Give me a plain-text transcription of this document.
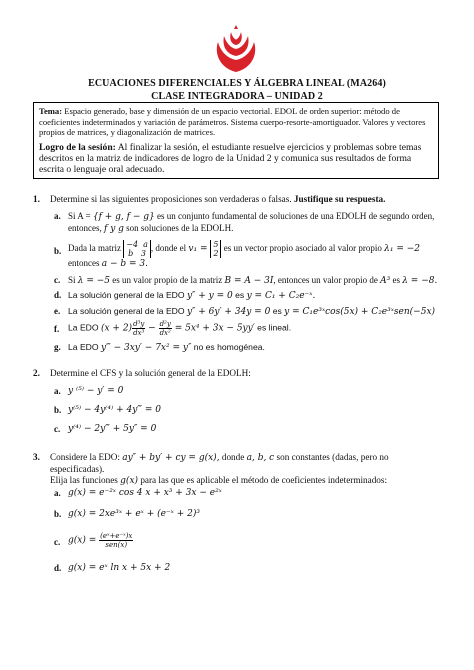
ECUACIONES DIFERENCIALES Y ÁLGEBRA LINEAL (MA264)
CLASE INTEGRADORA – UNIDAD 2

Tema: Espacio generado, base y dimensión de un espacio vectorial. EDOL de orden superior: método de coeficientes indeterminados y variación de parámetros. Sistema cuerpo-resorte-amortiguador. Valores y vectores propios de matrices, y diagonalización de matrices.

Logro de la sesión: Al finalizar la sesión, el estudiante resuelve ejercicios y problemas sobre temas descritos en la matriz de indicadores de logro de la Unidad 2 y comunica sus resultados de forma escrita o lenguaje oral adecuado.

1. Determine si las siguientes proposiciones son verdaderas o falsas. Justifique su respuesta.
a. Si A = {f + g, f − g} es un conjunto fundamental de soluciones de una EDOLH de segundo orden, entonces, f y g son soluciones de la EDOLH.
b. Dada la matriz −4 a
b 3, donde el v₁ = 5
2 es un vector propio asociado al valor propio λ₁ = −2
entonces a − b = 3.
c. Si λ = −5 es un valor propio de la matriz B = A − 3I, entonces un valor propio de A³ es λ = −8.
d. La solución general de la EDO y″ + y = 0 es y = C₁ + C₂e⁻ˣ.
e. La solución general de la EDO y″ + 6y′ + 34y = 0 es y = C₁e³ˣcos(5x) + C₂e³ˣsen(−5x)
f. La EDO $(x + 2) \frac{\text{d³y}}{\text{dx³}} - \frac{\text{d²y}}{\text{dx²}} = 5x^4 + 3x - 5yy'$ es lineal.
g. La EDO y‴ − 3xy′ − 7x² = y″ no es homogénea.
2. Determine el CFS y la solución general de la EDOLH:
a. y ⁽⁵⁾ − y′ = 0
b. y⁽⁵⁾ − 4y⁽⁴⁾ + 4y‴ = 0
c. y⁽⁴⁾ − 2y‴ + 5y″ = 0
3. Considere la EDO: ay″ + by′ + cy = g(x), donde a, b, c son constantes (dadas, pero no especificadas).
Elija las funciones g(x) para las que es aplicable el método de coeficientes indeterminados:
a. g(x) = e⁻²ˣ cos 4 x + x³ + 3x − e²ˣ
b. g(x) = 2xe³ˣ + eˣ + (e⁻ˣ + 2)³
c. $g(x) = \frac{\text{(eˣ+e⁻ˣ)x}}{\text{sen(x)}}$
d. g(x) = eˣ ln x + 5x + 2
